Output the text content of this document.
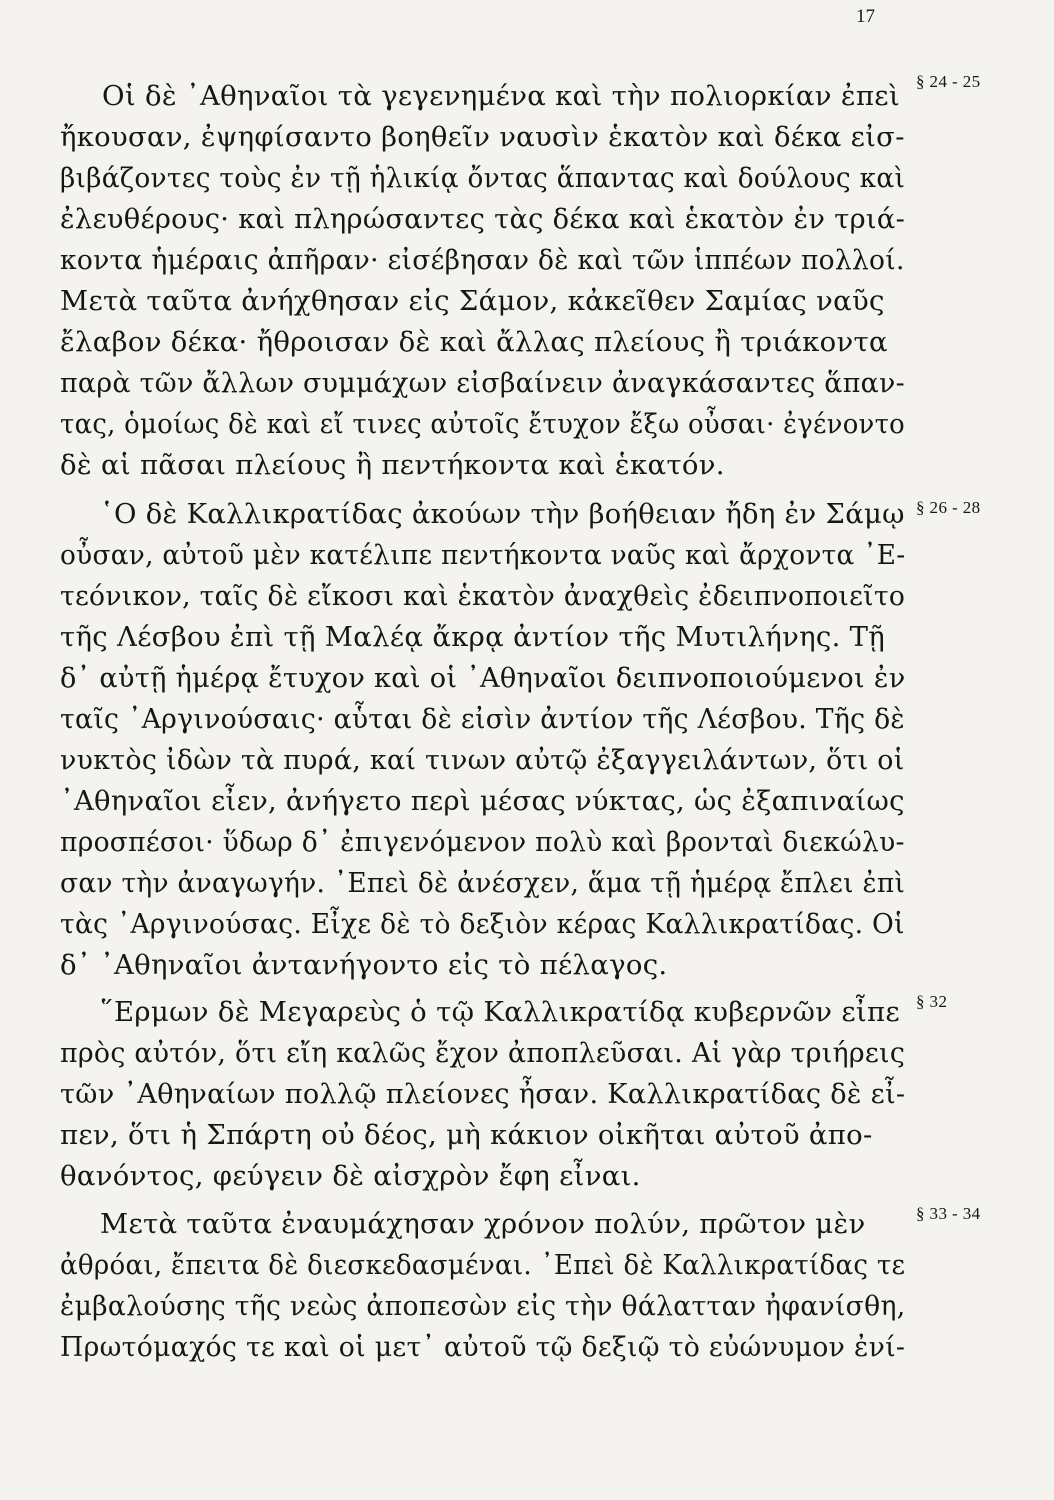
17
Οἱ δὲ ᾿Αθηναῖοι τὰ γεγενημένα καὶ τὴν πολιορκίαν ἐπεὶ
ἤκουσαν, ἐψηφίσαντο βοηθεῖν ναυσὶν ἑκατὸν καὶ δέκα εἰσ-
βιβάζοντες τοὺς ἐν τῇ ἡλικίᾳ ὄντας ἅπαντας καὶ δούλους καὶ
ἐλευθέρους· καὶ πληρώσαντες τὰς δέκα καὶ ἑκατὸν ἐν τριά-
κοντα ἡμέραις ἀπῆραν· εἰσέβησαν δὲ καὶ τῶν ἱππέων πολλοί.
Μετὰ ταῦτα ἀνήχθησαν εἰς Σάμον, κἀκεῖθεν Σαμίας ναῦς
ἔλαβον δέκα· ἤθροισαν δὲ καὶ ἄλλας πλείους ἢ τριάκοντα
παρὰ τῶν ἄλλων συμμάχων εἰσβαίνειν ἀναγκάσαντες ἅπαν-
τας, ὁμοίως δὲ καὶ εἴ τινες αὐτοῖς ἔτυχον ἔξω οὖσαι· ἐγένοντο
δὲ αἱ πᾶσαι πλείους ἢ πεντήκοντα καὶ ἑκατόν.
§ 24 - 25
῾Ο δὲ Καλλικρατίδας ἀκούων τὴν βοήθειαν ἤδη ἐν Σάμῳ
οὖσαν, αὐτοῦ μὲν κατέλιπε πεντήκοντα ναῦς καὶ ἄρχοντα ᾿Ε-
τεόνικον, ταῖς δὲ εἴκοσι καὶ ἑκατὸν ἀναχθεὶς ἐδειπνοποιεῖτο
τῆς Λέσβου ἐπὶ τῇ Μαλέᾳ ἄκρᾳ ἀντίον τῆς Μυτιλήνης. Τῇ
δ᾿ αὐτῇ ἡμέρᾳ ἔτυχον καὶ οἱ ᾿Αθηναῖοι δειπνοποιούμενοι ἐν
ταῖς ᾿Αργινούσαις· αὗται δὲ εἰσὶν ἀντίον τῆς Λέσβου. Τῆς δὲ
νυκτὸς ἰδὼν τὰ πυρά, καί τινων αὐτῷ ἐξαγγειλάντων, ὅτι οἱ
᾿Αθηναῖοι εἶεν, ἀνήγετο περὶ μέσας νύκτας, ὡς ἐξαπιναίως
προσπέσοι· ὕδωρ δ᾿ ἐπιγενόμενον πολὺ καὶ βρονταὶ διεκώλυ-
σαν τὴν ἀναγωγήν. ᾿Επεὶ δὲ ἀνέσχεν, ἅμα τῇ ἡμέρᾳ ἔπλει ἐπὶ
τὰς ᾿Αργινούσας. Εἶχε δὲ τὸ δεξιὸν κέρας Καλλικρατίδας. Οἱ
δ᾿ ᾿Αθηναῖοι ἀντανήγοντο εἰς τὸ πέλαγος.
§ 26 - 28
῞Ερμων δὲ Μεγαρεὺς ὁ τῷ Καλλικρατίδᾳ κυβερνῶν εἶπε
πρὸς αὐτόν, ὅτι εἴη καλῶς ἔχον ἀποπλεῦσαι. Αἱ γὰρ τριήρεις
τῶν ᾿Αθηναίων πολλῷ πλείονες ἦσαν. Καλλικρατίδας δὲ εἶ-
πεν, ὅτι ἡ Σπάρτη οὐ δέος, μὴ κάκιον οἰκῆται αὐτοῦ ἀπο-
θανόντος, φεύγειν δὲ αἰσχρὸν ἔφη εἶναι.
§ 32
Μετὰ ταῦτα ἐναυμάχησαν χρόνον πολύν, πρῶτον μὲν
ἀθρόαι, ἔπειτα δὲ διεσκεδασμέναι. ᾿Επεὶ δὲ Καλλικρατίδας τε
ἐμβαλούσης τῆς νεὼς ἀποπεσὼν εἰς τὴν θάλατταν ἠφανίσθη,
Πρωτόμαχός τε καὶ οἱ μετ᾿ αὐτοῦ τῷ δεξιῷ τὸ εὐώνυμον ἐνί-
§ 33 - 34
